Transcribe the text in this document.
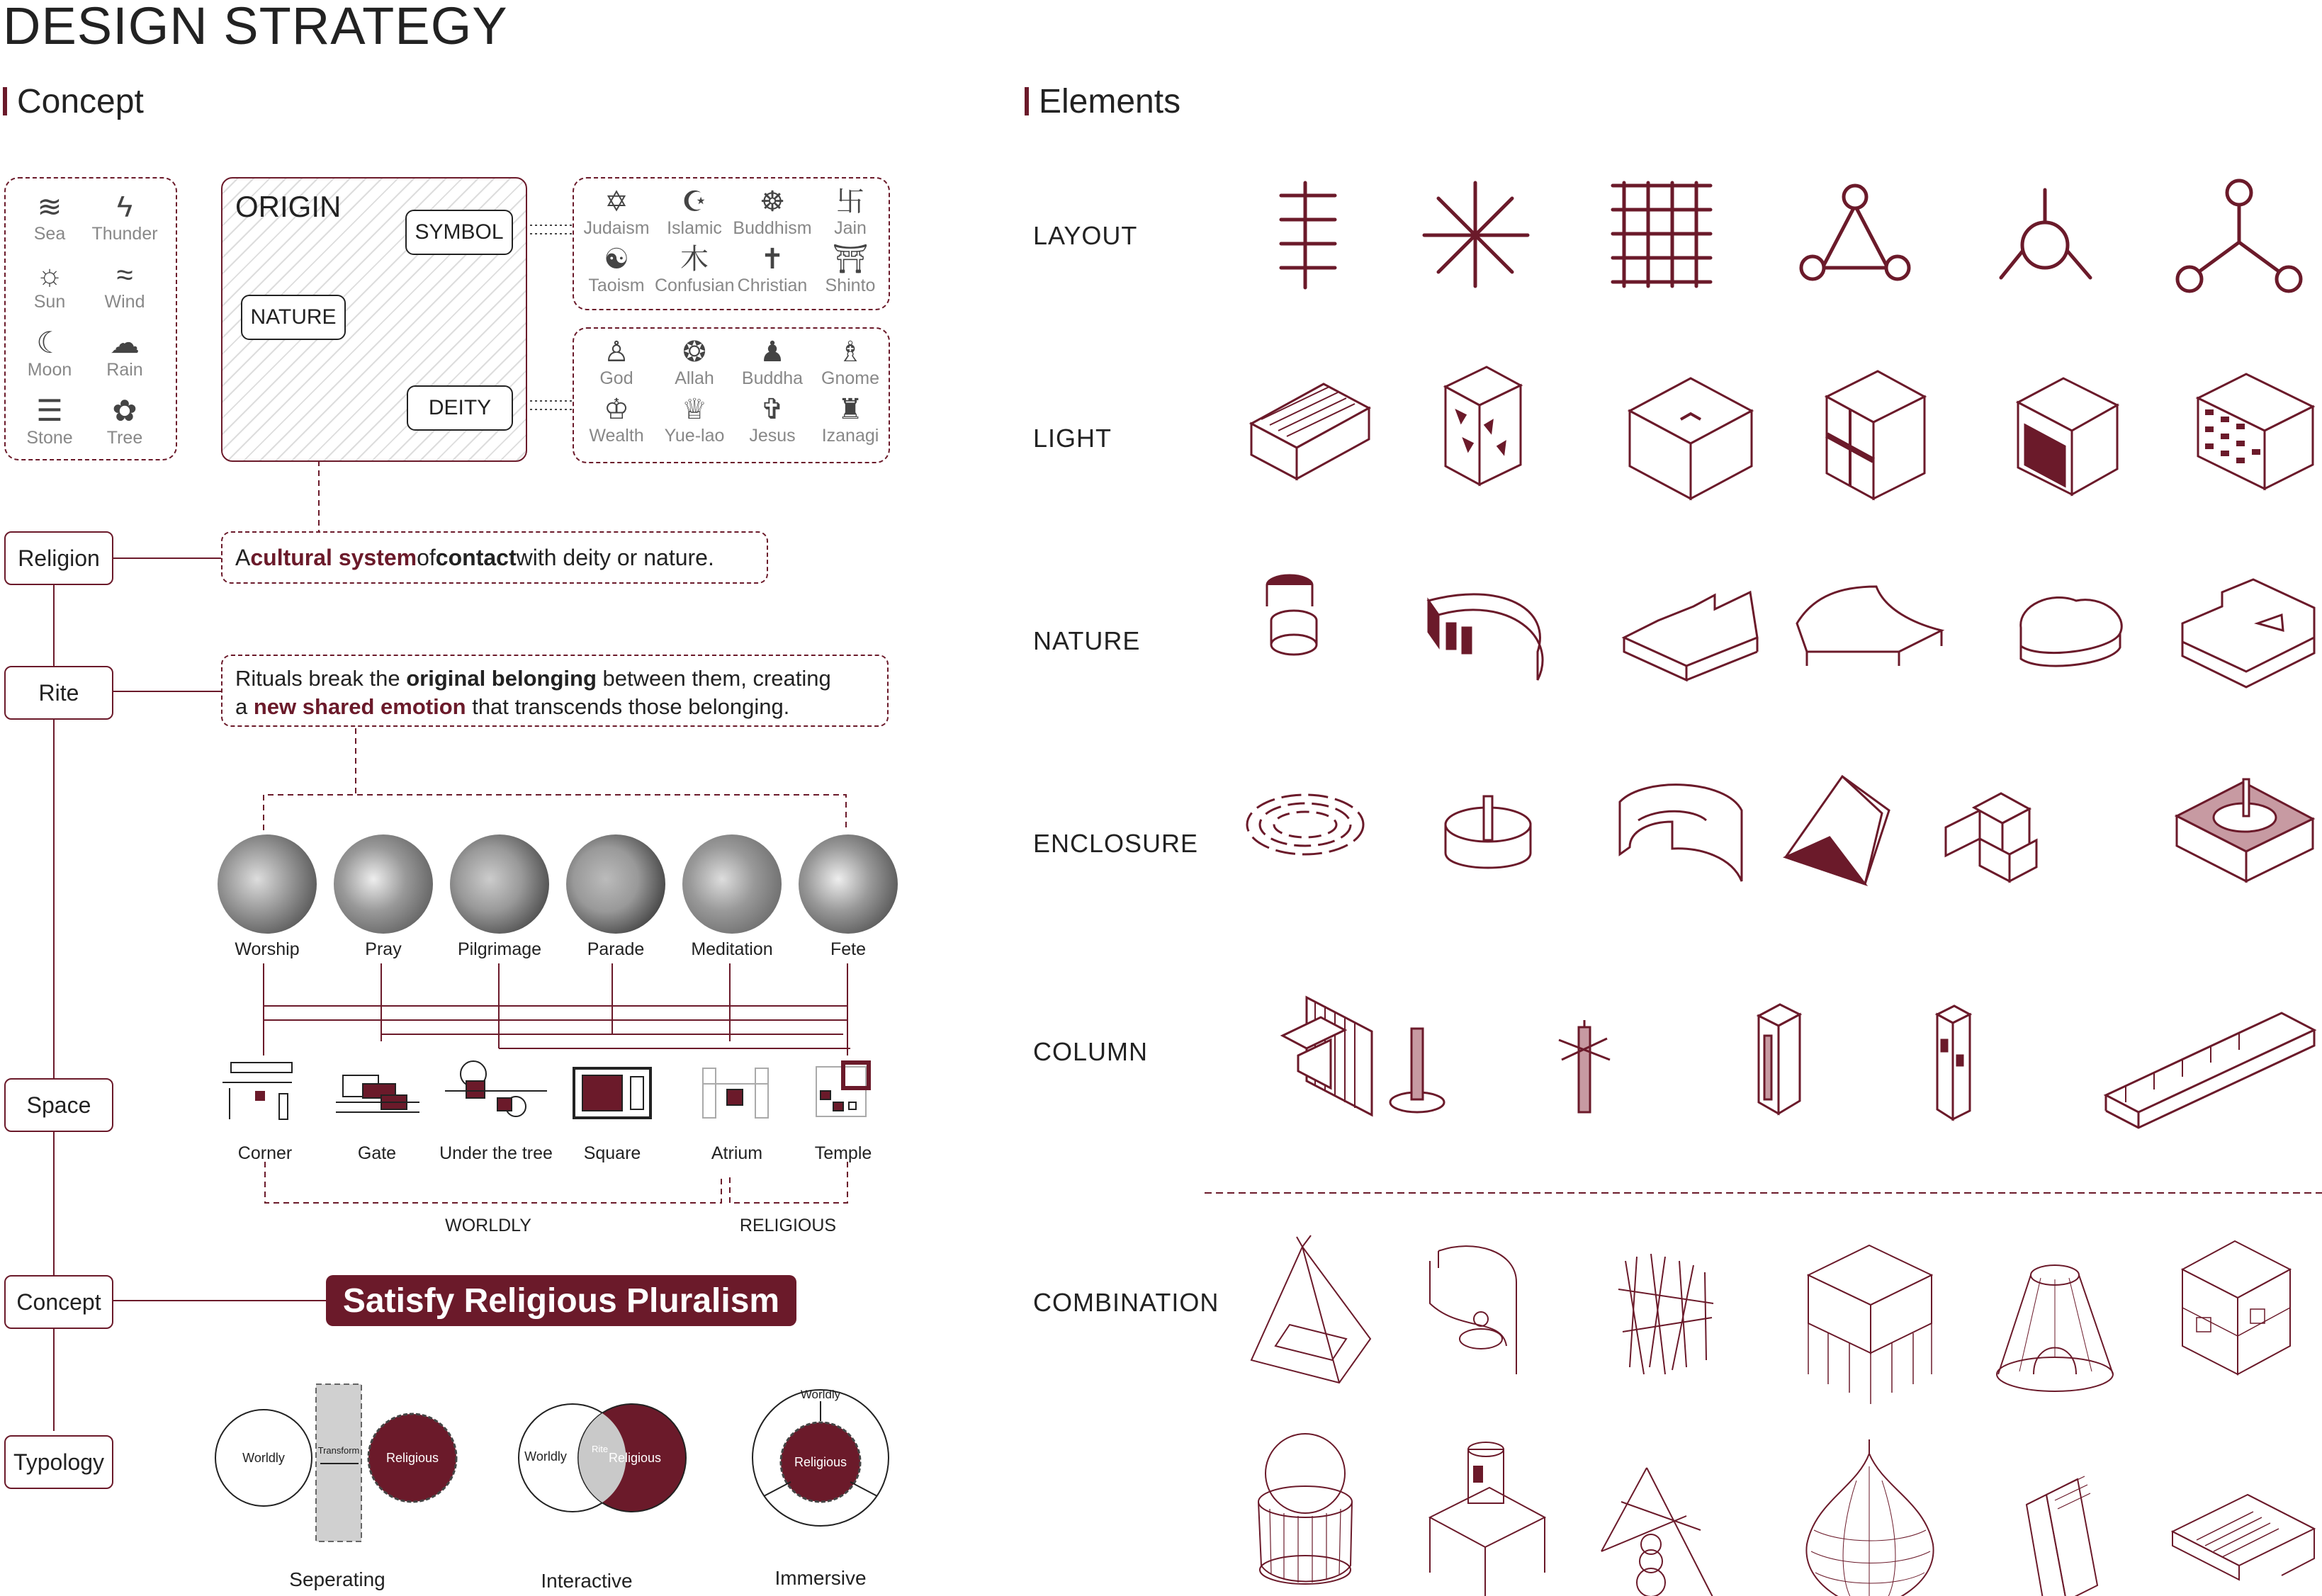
DESIGN STRATEGY
Concept	Elements
≋
Sea
ϟ
Thunder
☼
Sun
≈
Wind
☾
Moon
☁
Rain
☰
Stone
✿
Tree
ORIGIN
SYMBOL
NATURE
DEITY
✡
Judaism
☪
Islamic
☸
Buddhism
卐
Jain
☯
Taoism
木
Confusian
✝
Christian
⛩
Shinto
♙
God
❂
Allah
♟
Buddha
♗
Gnome
♔
Wealth
♕
Yue-lao
✞
Jesus
♜
Izanagi
Religion
Rite
Space
Concept
Typology
A cultural system of contact with deity or nature.
Rituals break the original belonging between them, creating
a new shared emotion that transcends those belonging.
Worship	Pray	Pilgrimage	Parade	Meditation	Fete
Corner	Gate	Under the tree	Square	Atrium	Temple
WORLDLY	RELIGIOUS
Satisfy Religious Pluralism
Worldly
Transform
Religious	Worldly
Rite
Religious
Worldly
Religious
Seperating	Interactive	Immersive
LAYOUT
LIGHT
NATURE
ENCLOSURE
COLUMN
COMBINATION
